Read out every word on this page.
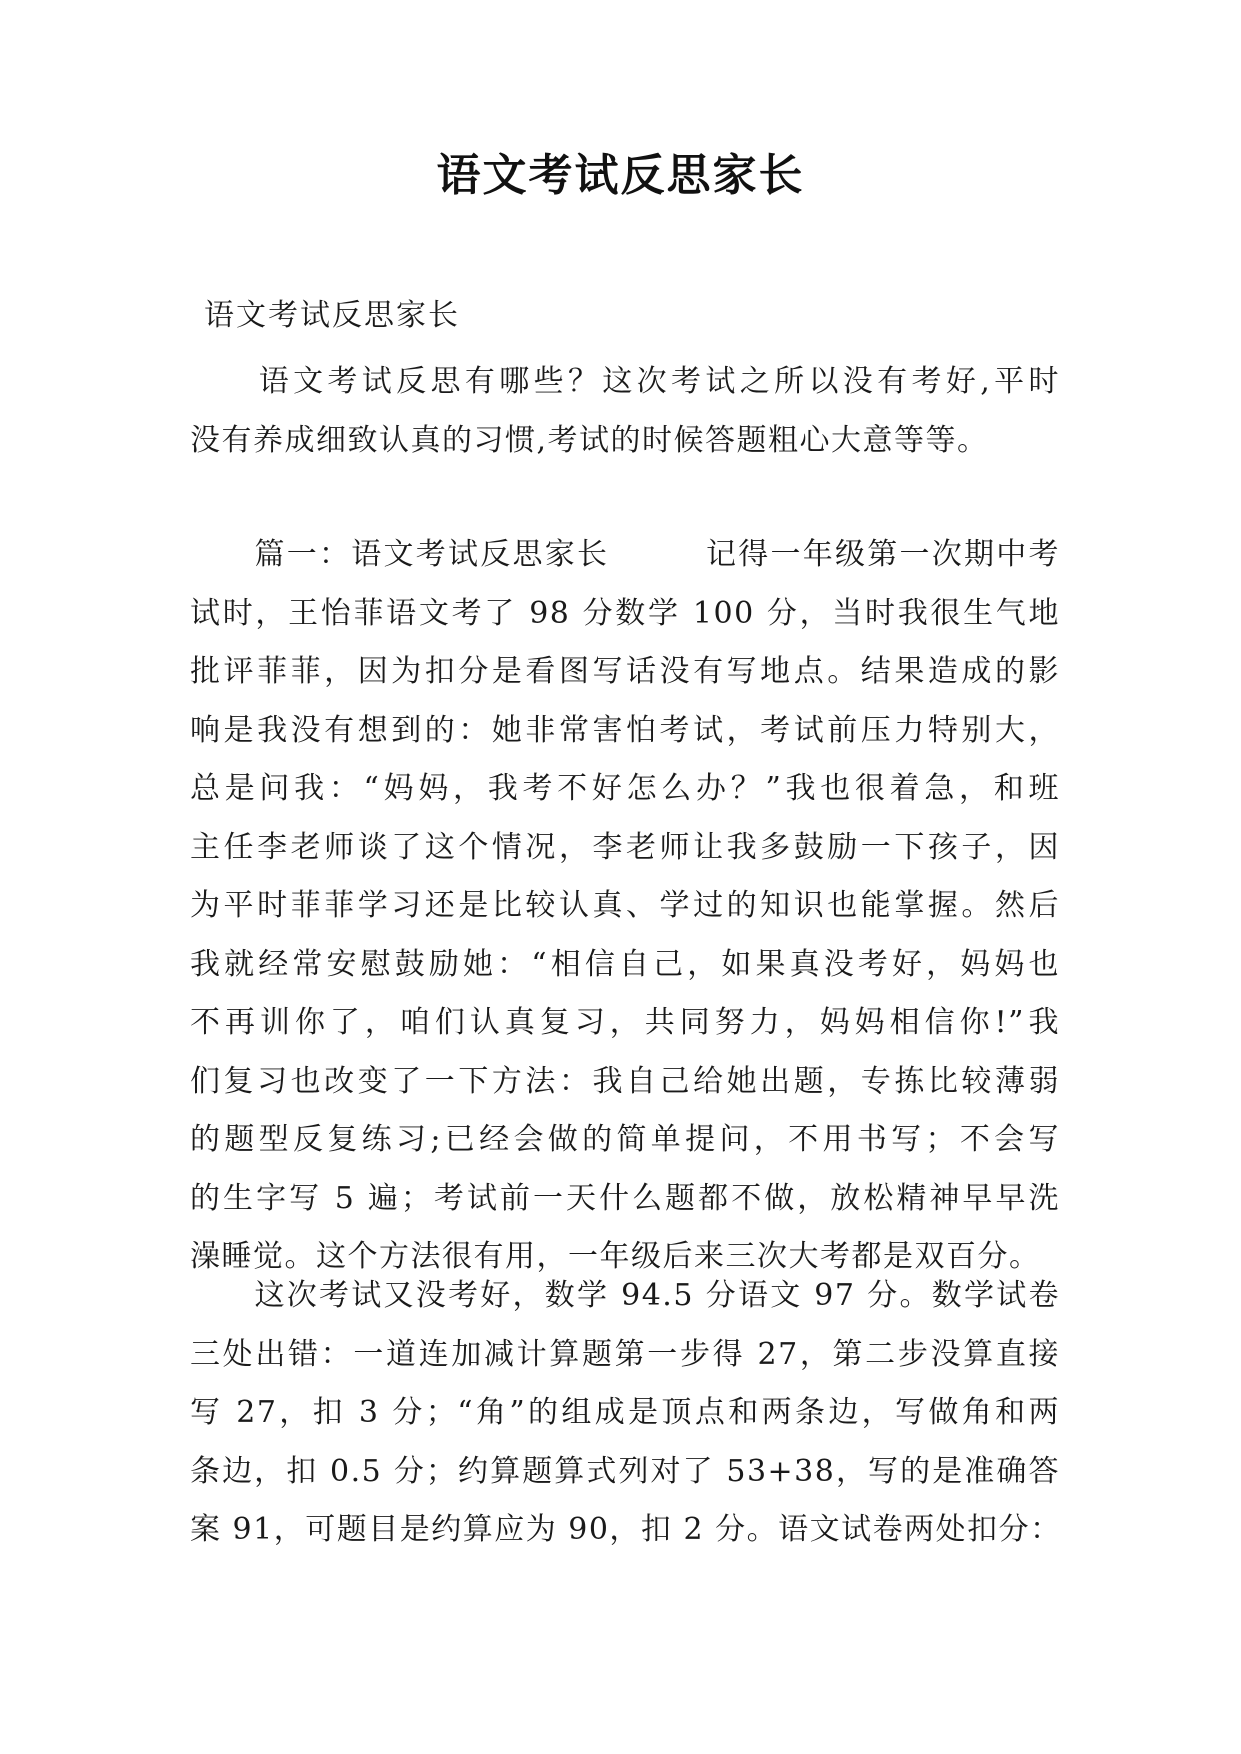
语文考试反思家长
语文考试反思家长
　　语文考试反思有哪些？这次考试之所以没有考好,平时
没有养成细致认真的习惯,考试的时候答题粗心大意等等。
　　篇一：语文考试反思家长　　　记得一年级第一次期中考
试时，王怡菲语文考了 98 分数学 100 分，当时我很生气地
批评菲菲，因为扣分是看图写话没有写地点。结果造成的影
响是我没有想到的：她非常害怕考试，考试前压力特别大，
总是问我：“妈妈，我考不好怎么办？”我也很着急，和班
主任李老师谈了这个情况，李老师让我多鼓励一下孩子，因
为平时菲菲学习还是比较认真、学过的知识也能掌握。然后
我就经常安慰鼓励她：“相信自己，如果真没考好，妈妈也
不再训你了，咱们认真复习，共同努力，妈妈相信你!”我
们复习也改变了一下方法：我自己给她出题，专拣比较薄弱
的题型反复练习;已经会做的简单提问，不用书写；不会写
的生字写 5 遍；考试前一天什么题都不做，放松精神早早洗
澡睡觉。这个方法很有用，一年级后来三次大考都是双百分。
　　这次考试又没考好，数学 94.5 分语文 97 分。数学试卷
三处出错：一道连加减计算题第一步得 27，第二步没算直接
写 27，扣 3 分；“角”的组成是顶点和两条边，写做角和两
条边，扣 0.5 分；约算题算式列对了 53+38，写的是准确答
案 91，可题目是约算应为 90，扣 2 分。语文试卷两处扣分：
